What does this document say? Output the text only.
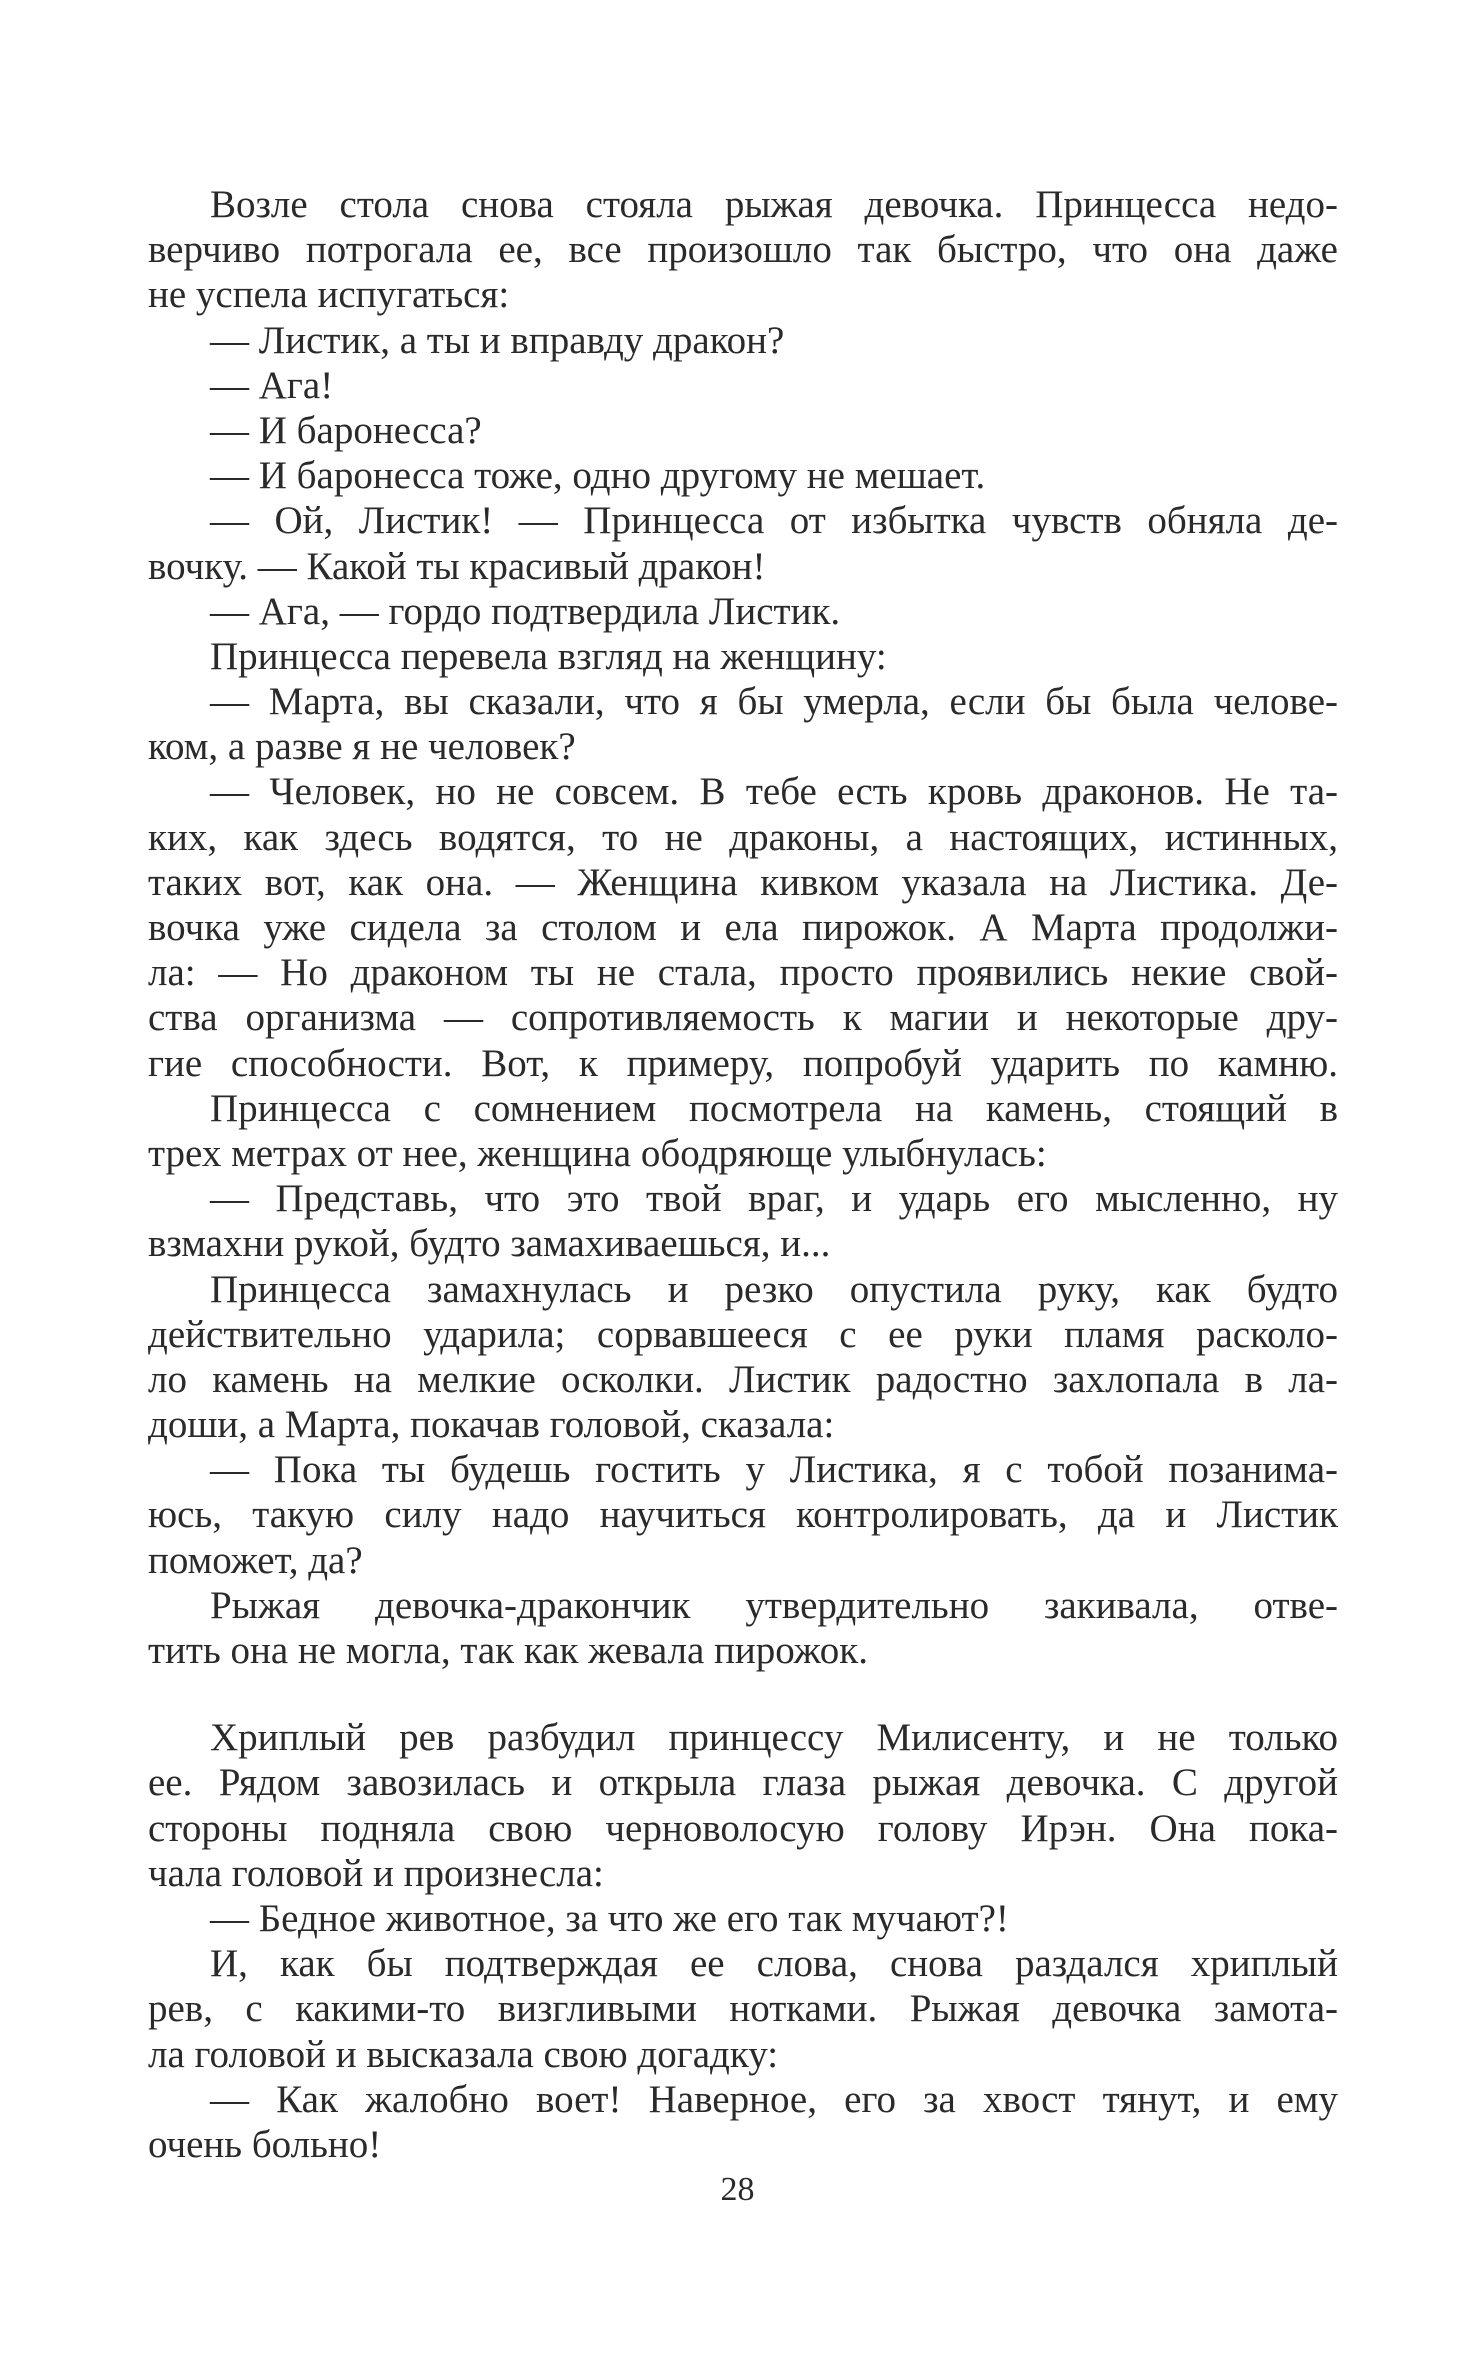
Возле стола снова стояла рыжая девочка. Принцесса недо-
верчиво потрогала ее, все произошло так быстро, что она даже
не успела испугаться:
— Листик, а ты и вправду дракон?
— Ага!
— И баронесса?
— И баронесса тоже, одно другому не мешает.
— Ой, Листик! — Принцесса от избытка чувств обняла де-
вочку. — Какой ты красивый дракон!
— Ага, — гордо подтвердила Листик.
Принцесса перевела взгляд на женщину:
— Марта, вы сказали, что я бы умерла, если бы была челове-
ком, а разве я не человек?
— Человек, но не совсем. В тебе есть кровь драконов. Не та-
ких, как здесь водятся, то не драконы, а настоящих, истинных,
таких вот, как она. — Женщина кивком указала на Листика. Де-
вочка уже сидела за столом и ела пирожок. А Марта продолжи-
ла: — Но драконом ты не стала, просто проявились некие свой-
ства организма — сопротивляемость к магии и некоторые дру-
гие способности. Вот, к примеру, попробуй ударить по камню.
Принцесса с сомнением посмотрела на камень, стоящий в
трех метрах от нее, женщина ободряюще улыбнулась:
— Представь, что это твой враг, и ударь его мысленно, ну
взмахни рукой, будто замахиваешься, и...
Принцесса замахнулась и резко опустила руку, как будто
действительно ударила; сорвавшееся с ее руки пламя расколо-
ло камень на мелкие осколки. Листик радостно захлопала в ла-
доши, а Марта, покачав головой, сказала:
— Пока ты будешь гостить у Листика, я с тобой позанима-
юсь, такую силу надо научиться контролировать, да и Листик
поможет, да?
Рыжая девочка-дракончик утвердительно закивала, отве-
тить она не могла, так как жевала пирожок.
Хриплый рев разбудил принцессу Милисенту, и не только
ее. Рядом завозилась и открыла глаза рыжая девочка. С другой
стороны подняла свою черноволосую голову Ирэн. Она пока-
чала головой и произнесла:
— Бедное животное, за что же его так мучают?!
И, как бы подтверждая ее слова, снова раздался хриплый
рев, с какими-то визгливыми нотками. Рыжая девочка замота-
ла головой и высказала свою догадку:
— Как жалобно воет! Наверное, его за хвост тянут, и ему
очень больно!
28
